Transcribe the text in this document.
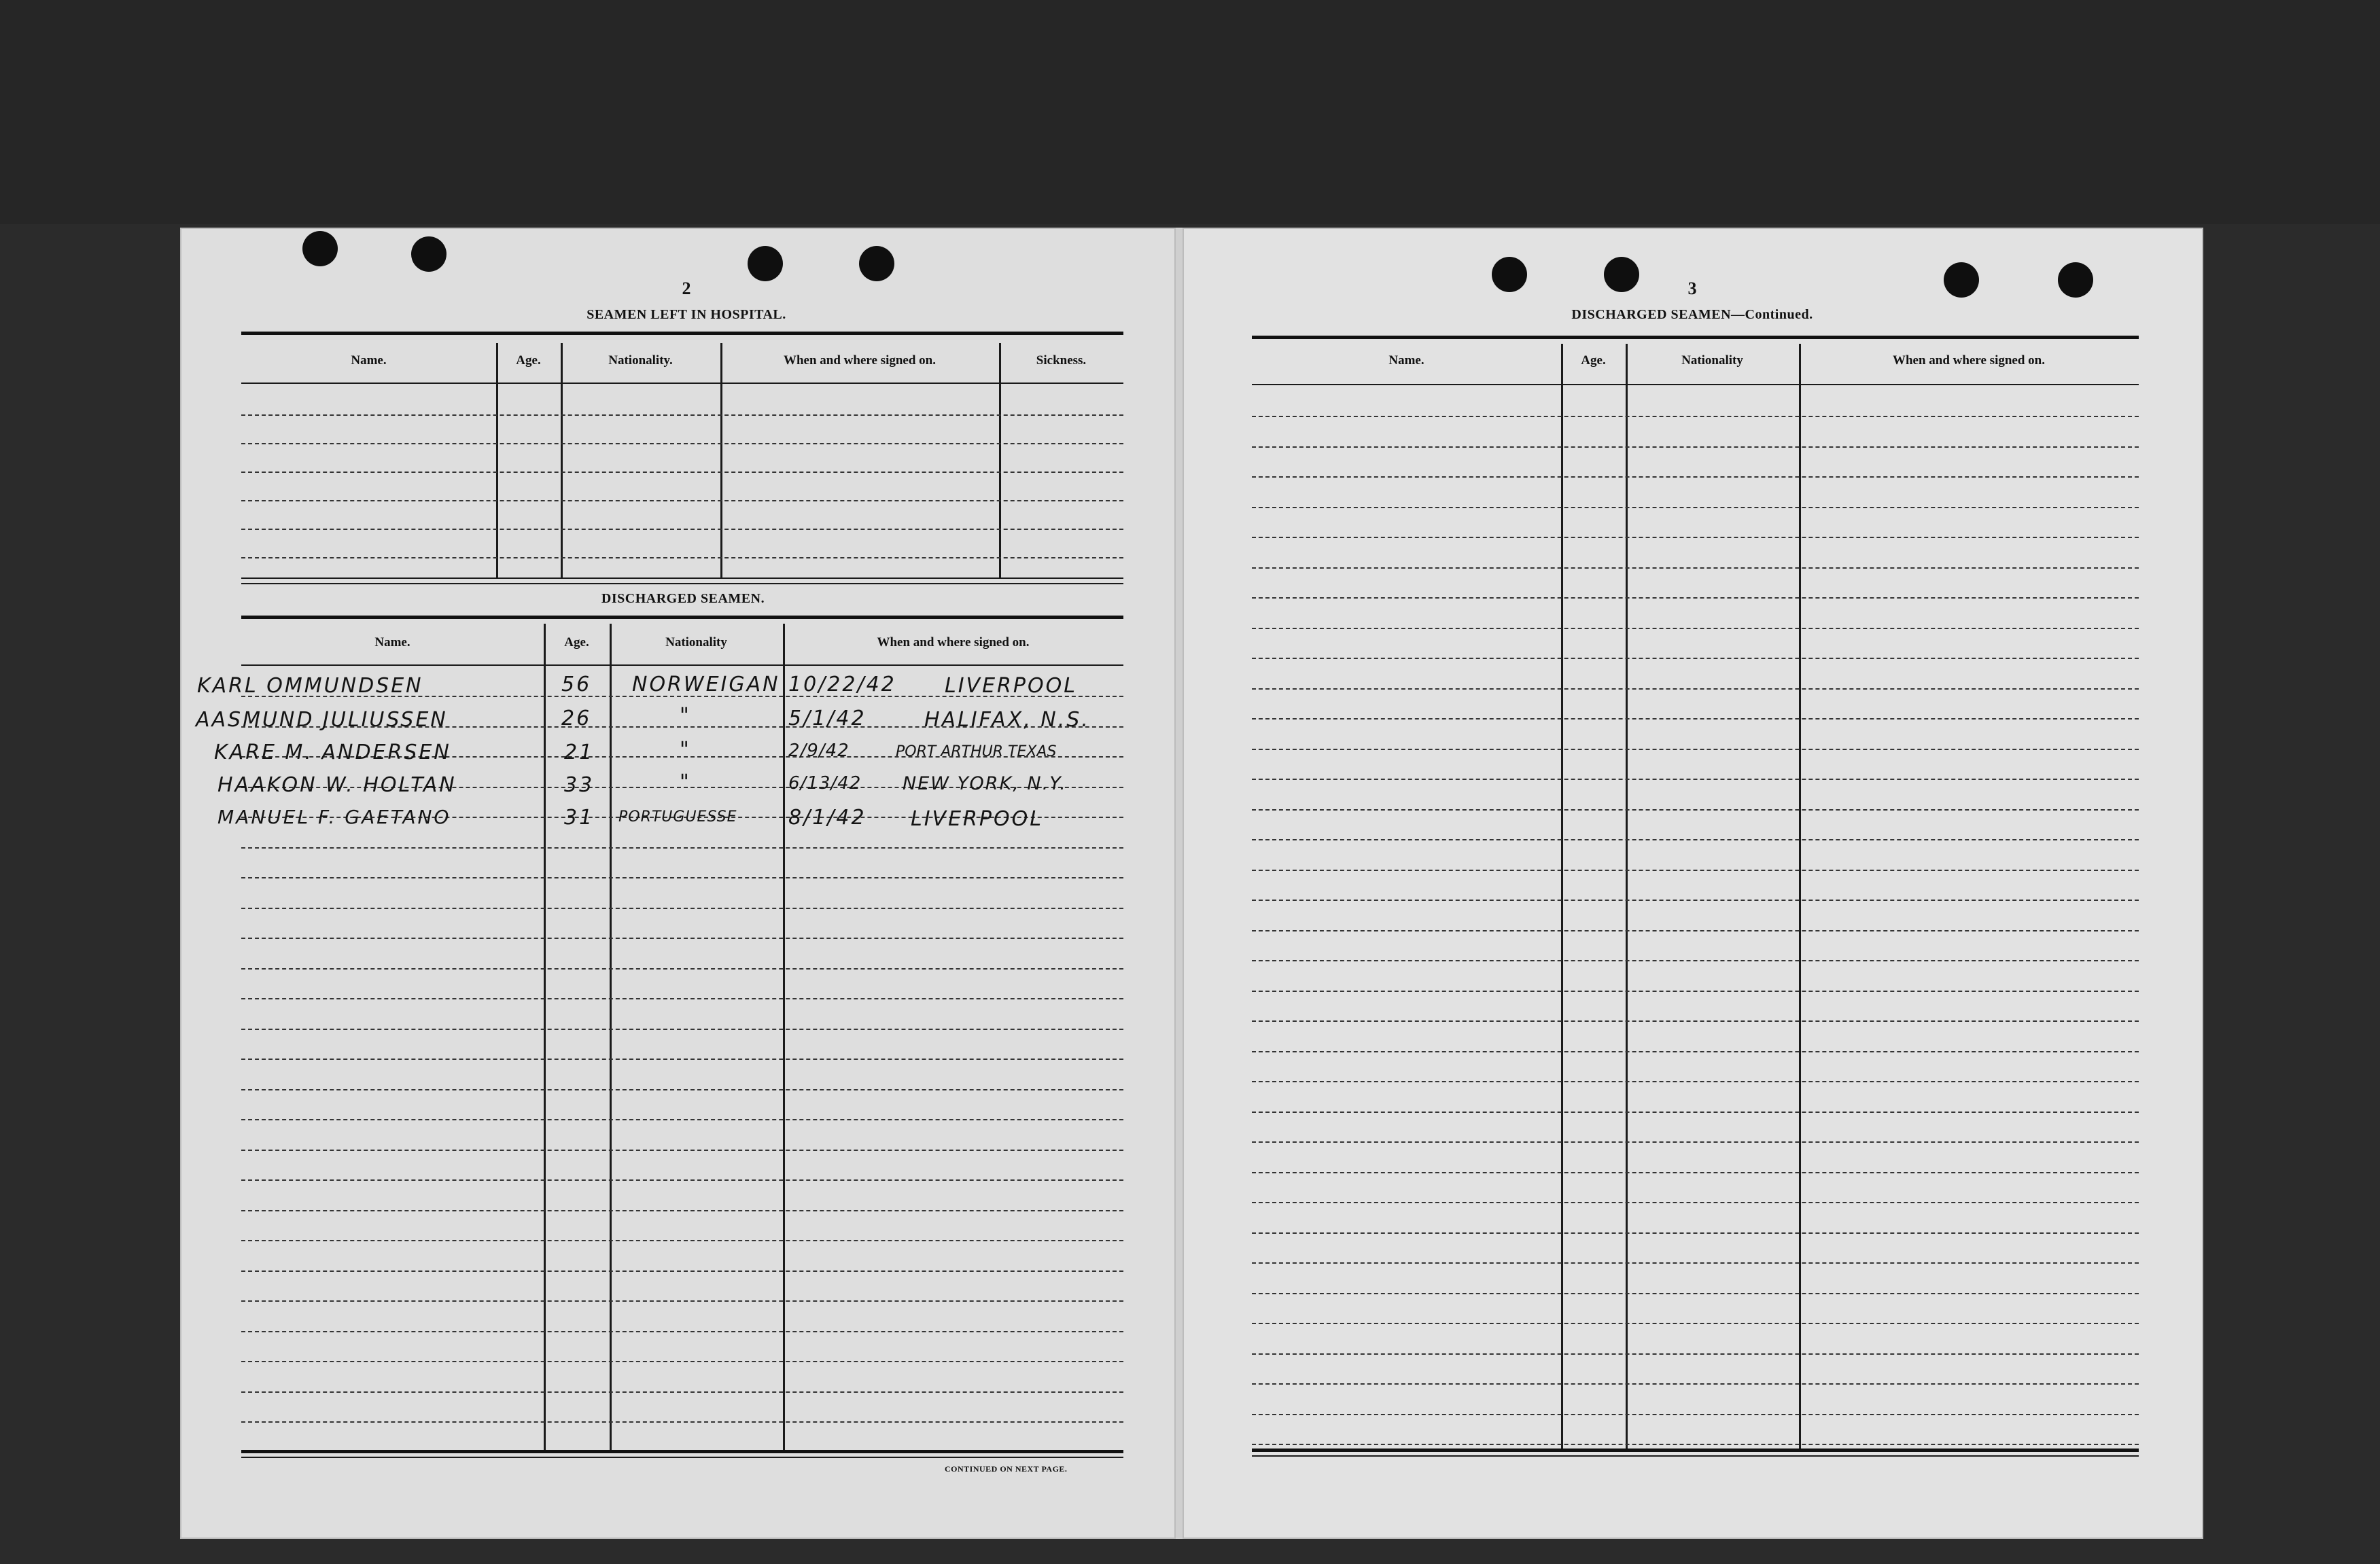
2
SEAMEN LEFT IN HOSPITAL.
Name.	Age.	Nationality.	When and where signed on.	Sickness.
DISCHARGED SEAMEN.
Name.	Age.	Nationality	When and where signed on.
KARL OMMUNDSEN	56 NORWEIGAN 10/22/42 LIVERPOOL
AASMUND JULIUSSEN	26	"	5/1/42	HALIFAX, N.S.
KARE M. ANDERSEN	21	"	2/9/42	PORT ARTHUR TEXAS
HAAKON W. HOLTAN	33	"	6/13/42 NEW YORK, N.Y.
MANUEL F. GAETANO	31 PORTUGUESSE	8/1/42 LIVERPOOL
CONTINUED ON NEXT PAGE.
3
DISCHARGED SEAMEN—Continued.
Name.	Age.	Nationality	When and where signed on.
